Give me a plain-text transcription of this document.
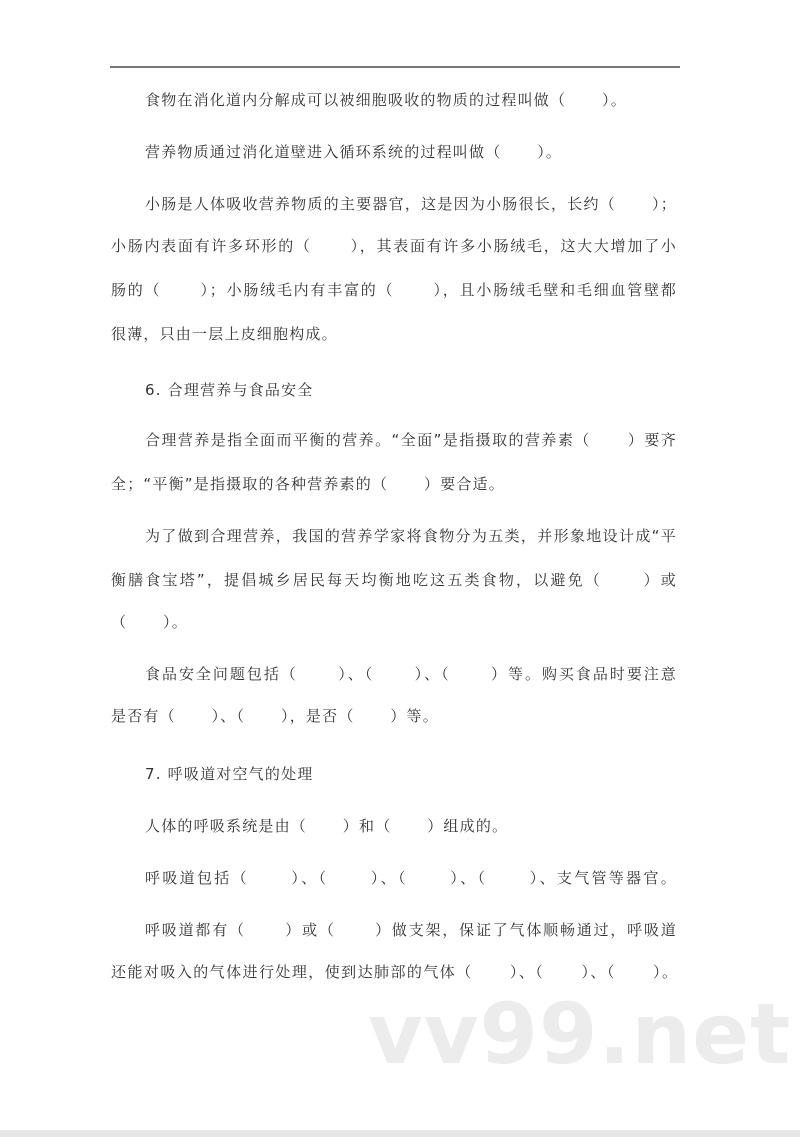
食物在消化道内分解成可以被细胞吸收的物质的过程叫做（      ）。
营养物质通过消化道壁进入循环系统的过程叫做（      ）。
小肠是人体吸收营养物质的主要器官，这是因为小肠很长，长约（      ）；
小肠内表面有许多环形的（      ），其表面有许多小肠绒毛，这大大增加了小
肠的（      ）；小肠绒毛内有丰富的（      ），且小肠绒毛壁和毛细血管壁都
很薄，只由一层上皮细胞构成。
6. 合理营养与食品安全
合理营养是指全面而平衡的营养。“全面”是指摄取的营养素（      ）要齐
全；“平衡”是指摄取的各种营养素的（      ）要合适。
为了做到合理营养，我国的营养学家将食物分为五类，并形象地设计成“平
衡膳食宝塔”，提倡城乡居民每天均衡地吃这五类食物，以避免（      ）或
（      ）。
食品安全问题包括（      ）、（      ）、（      ）等。购买食品时要注意
是否有（      ）、（      ），是否（      ）等。
7. 呼吸道对空气的处理
人体的呼吸系统是由（      ）和（      ）组成的。
呼吸道包括（      ）、（      ）、（      ）、（      ）、支气管等器官。
呼吸道都有（      ）或（      ）做支架，保证了气体顺畅通过，呼吸道
还能对吸入的气体进行处理，使到达肺部的气体（      ）、（      ）、（      ）。
vv99.net
